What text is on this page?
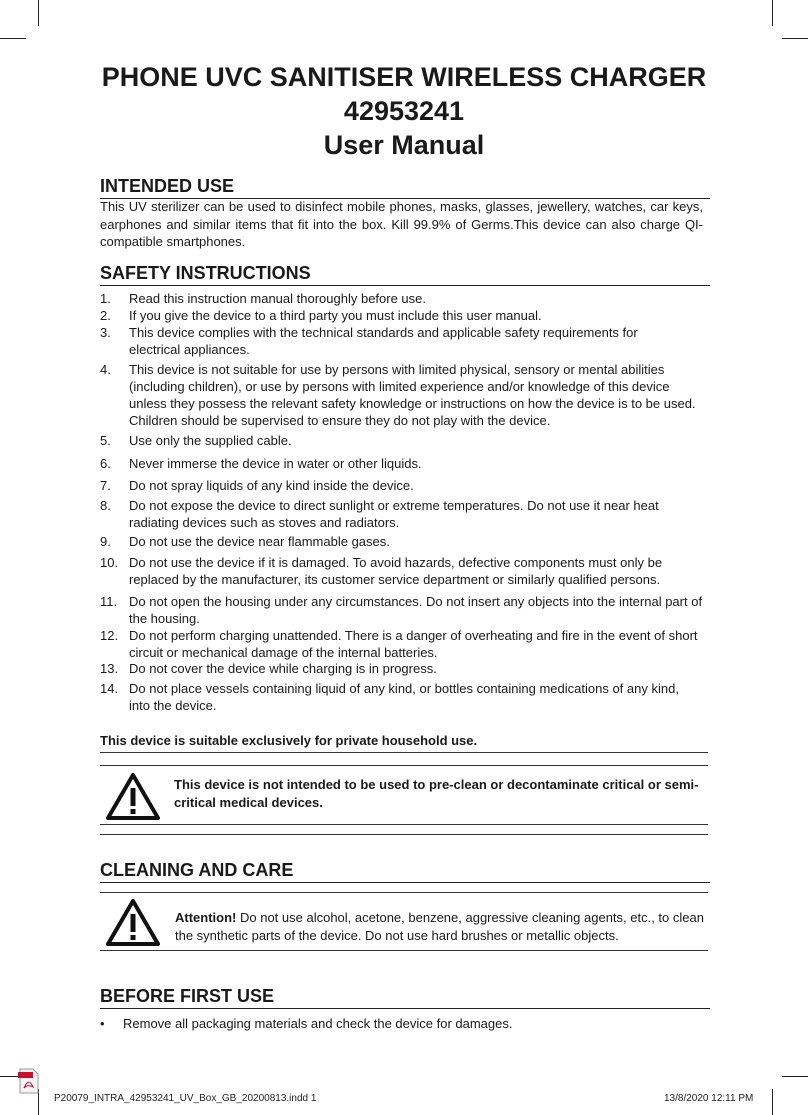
PHONE UVC SANITISER WIRELESS CHARGER
42953241
User Manual
INTENDED USE
This UV sterilizer can be used to disinfect mobile phones, masks, glasses, jewellery, watches, car keys, earphones and similar items that fit into the box. Kill 99.9% of Germs.This device can also charge QI-compatible smartphones.
SAFETY INSTRUCTIONS
1.	Read this instruction manual thoroughly before use.
2.	If you give the device to a third party you must include this user manual.
3.	This device complies with the technical standards and applicable safety requirements for electrical appliances.
4.	This device is not suitable for use by persons with limited physical, sensory or mental abilities (including children), or use by persons with limited experience and/or knowledge of this device unless they possess the relevant safety knowledge or instructions on how the device is to be used. Children should be supervised to ensure they do not play with the device.
5.	Use only the supplied cable.
6.	Never immerse the device in water or other liquids.
7.	Do not spray liquids of any kind inside the device.
8.	Do not expose the device to direct sunlight or extreme temperatures. Do not use it near heat radiating devices such as stoves and radiators.
9.	Do not use the device near flammable gases.
10. Do not use the device if it is damaged. To avoid hazards, defective components must only be replaced by the manufacturer, its customer service department or similarly qualified persons.
11. Do not open the housing under any circumstances. Do not insert any objects into the internal part of the housing.
12. Do not perform charging unattended. There is a danger of overheating and fire in the event of short circuit or mechanical damage of the internal batteries.
13. Do not cover the device while charging is in progress.
14. Do not place vessels containing liquid of any kind, or bottles containing medications of any kind, into the device.
This device is suitable exclusively for private household use.
This device is not intended to be used to pre-clean or decontaminate critical or semi-critical medical devices.
CLEANING AND CARE
Attention! Do not use alcohol, acetone, benzene, aggressive cleaning agents, etc., to clean the synthetic parts of the device. Do not use hard brushes or metallic objects.
BEFORE FIRST USE
• Remove all packaging materials and check the device for damages.
P20079_INTRA_42953241_UV_Box_GB_20200813.indd 1	13/8/2020 12:11 PM
